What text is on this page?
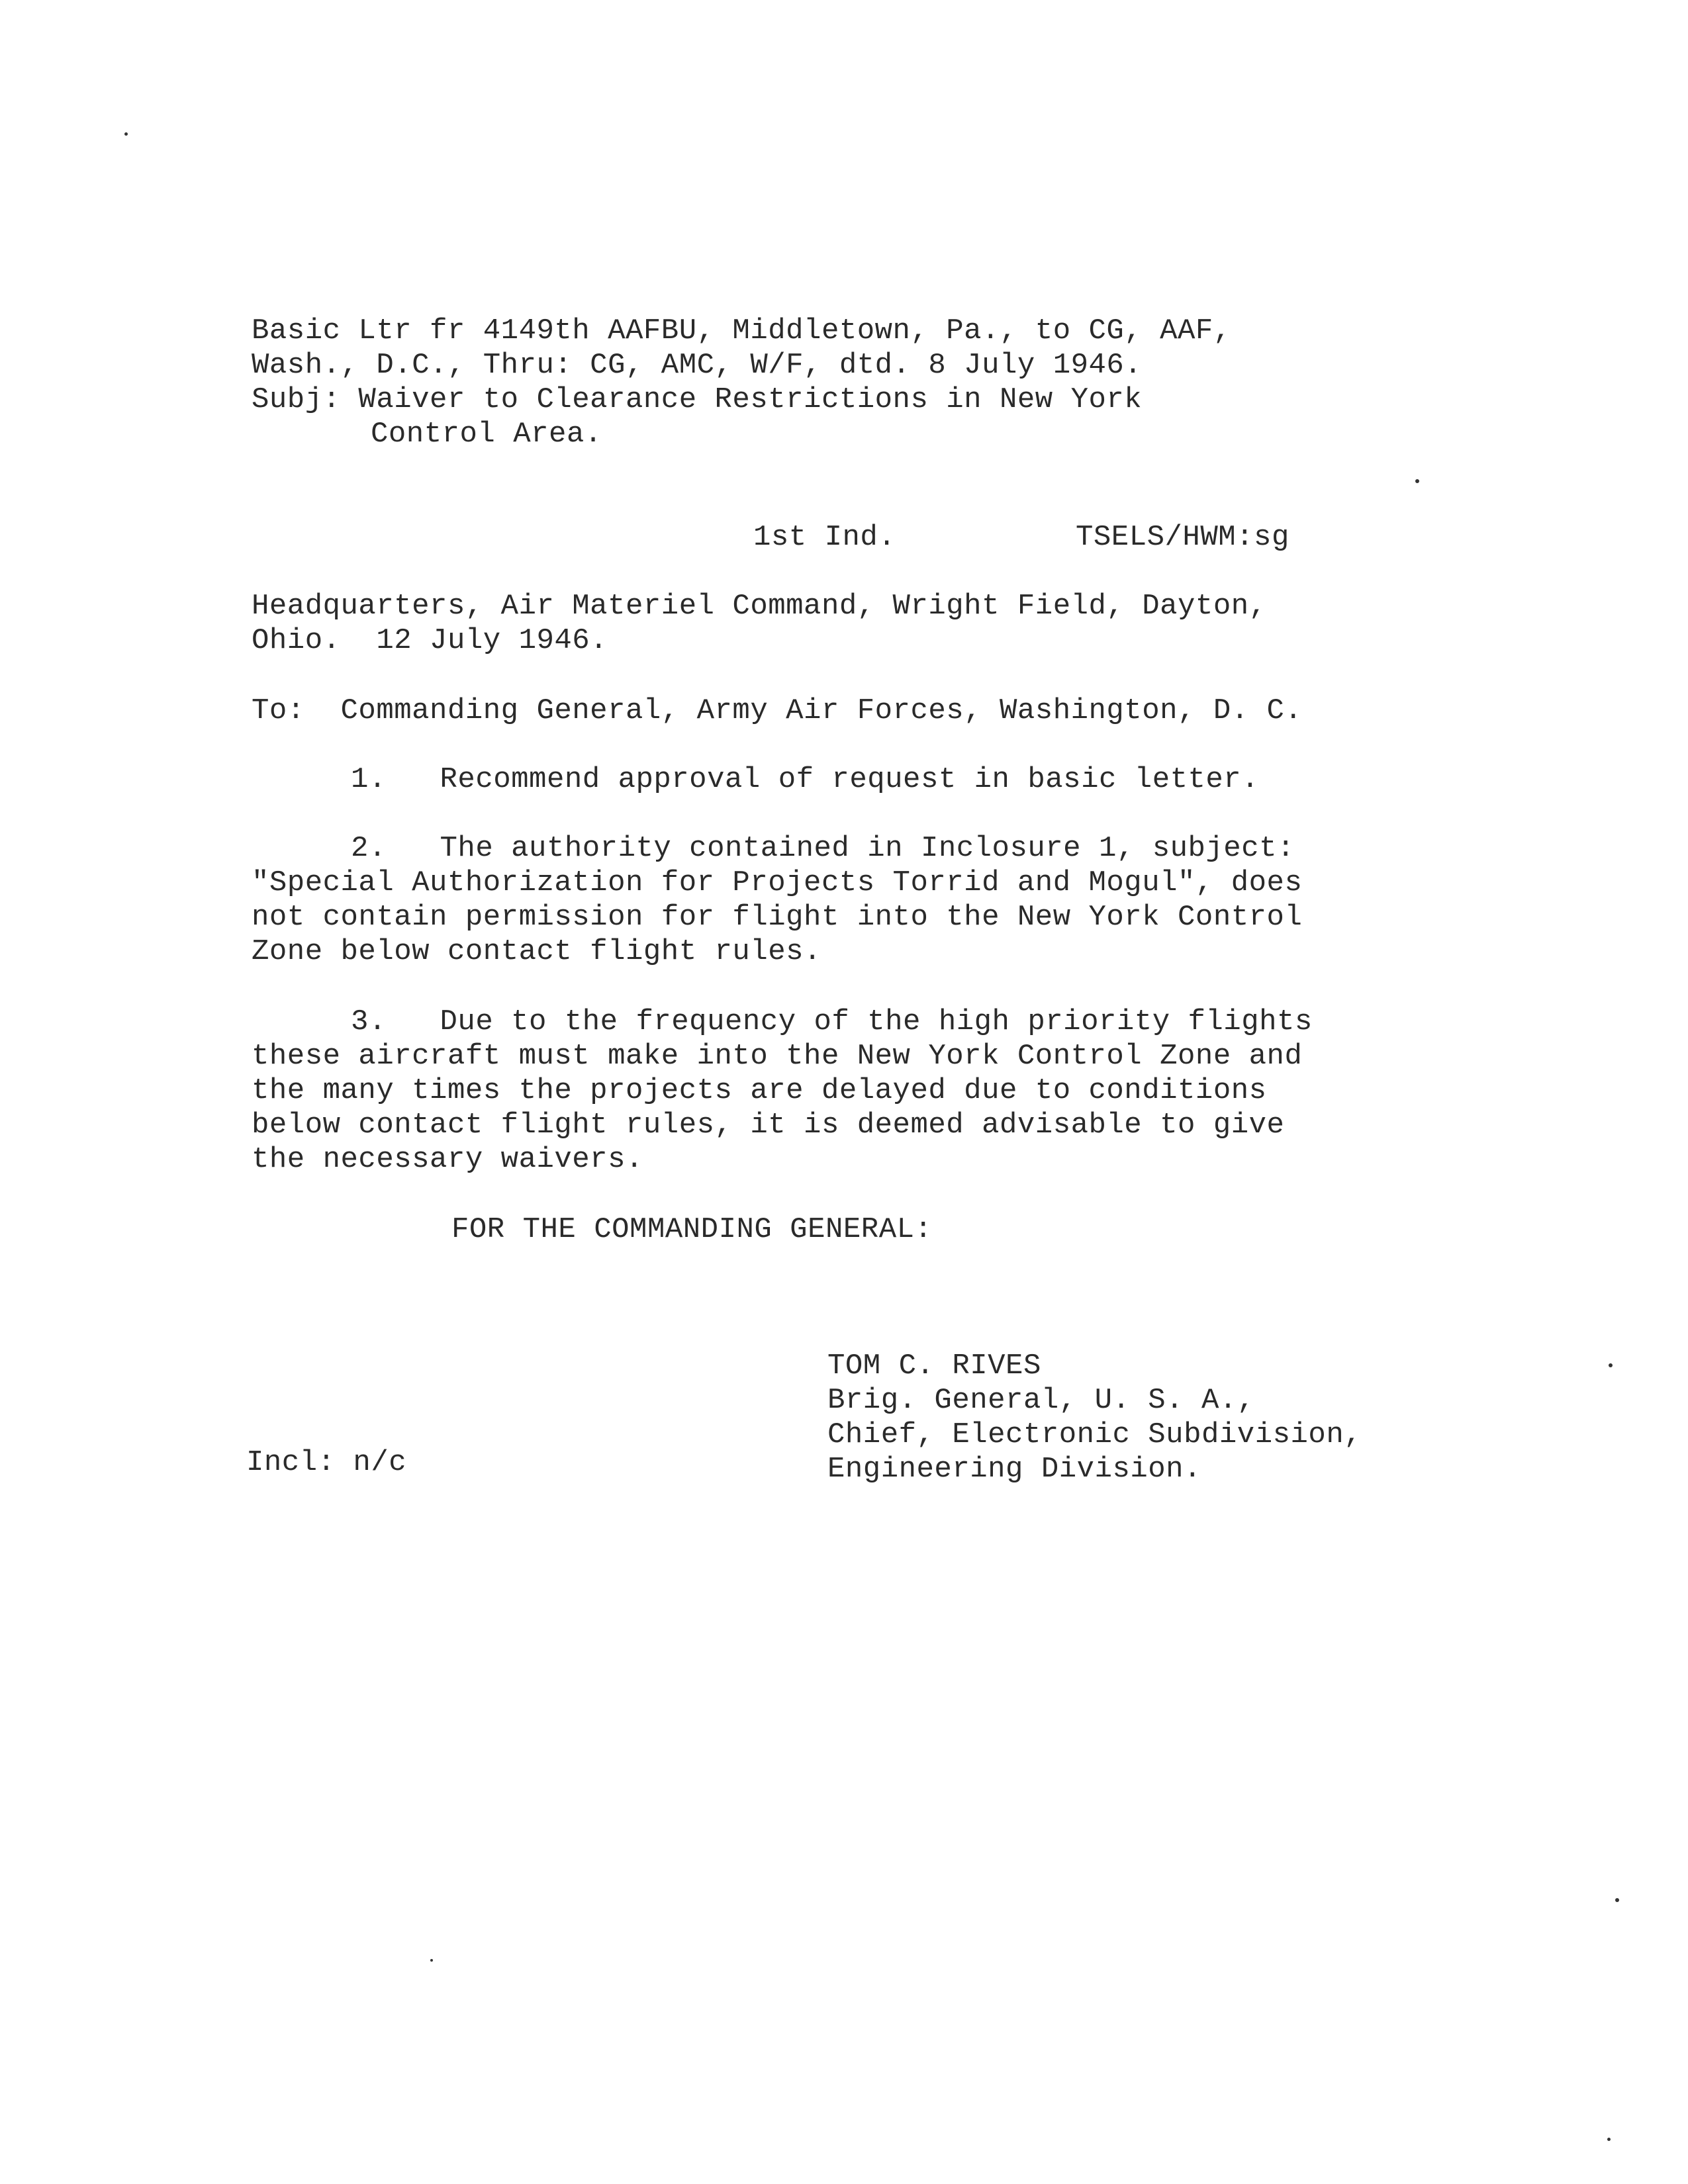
Basic Ltr fr 4149th AAFBU, Middletown, Pa., to CG, AAF,
Wash., D.C., Thru: CG, AMC, W/F, dtd. 8 July 1946.
Subj: Waiver to Clearance Restrictions in New York
Control Area.
1st Ind.	TSELS/HWM:sg
Headquarters, Air Materiel Command, Wright Field, Dayton,
Ohio.  12 July 1946.
To:  Commanding General, Army Air Forces, Washington, D. C.
1.   Recommend approval of request in basic letter.
2.   The authority contained in Inclosure 1, subject:
"Special Authorization for Projects Torrid and Mogul", does
not contain permission for flight into the New York Control
Zone below contact flight rules.
3.   Due to the frequency of the high priority flights
these aircraft must make into the New York Control Zone and
the many times the projects are delayed due to conditions
below contact flight rules, it is deemed advisable to give
the necessary waivers.
FOR THE COMMANDING GENERAL:
TOM C. RIVES
Brig. General, U. S. A.,
Chief, Electronic Subdivision,
Engineering Division.
Incl: n/c
